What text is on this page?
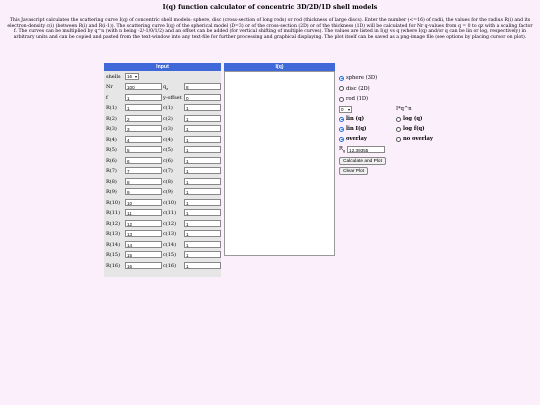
I(q) function calculator of concentric 3D/2D/1D shell models
This Javascript calculates the scattering curve I(q) of concentric shell models: sphere, disc (cross-section of long rods) or rod (thickness of large discs). Enter the number (<=16) of radii, the values for the radius R(i) and its electron-density c(i) (between R(i) and R(i-1)). The scattering curve I(q) of the spherical model (D=3) or of the cross-section (2D) or of the thickness (1D) will be calculated for Nr q-values from q = 0 to qz with a scaling factor f. The curves can be multiplied by q^n (with n being -2/-1/0/1/2) and an offset can be added (for vertical shifting of multiple curves). The values are listed in I(q) vs q (where I(q) and/or q can be lin or log, respectively) in arbitrary units and can be copied and pasted from the text-window into any text-file for further processing and graphical displaying. The plot itself can be saved as a png-image file (see options by placing cursor on plot).
Input	I(q)
shells	16 ▾
Nr	100	$q_z$	8
f	1	y-offset 0
R(1)	1	c(1)	1
R(2)	2	c(2)	1
R(3)	3	c(3)	1
R(4)	4	c(4)	1
R(5)	5	c(5)	1
R(6)	6	c(6)	1
R(7)	7	c(7)	1
R(8)	8	c(8)	1
R(9)	9	c(9)	1
R(10)	10	c(10)	1
R(11)	11	c(11)	1
R(12)	12	c(12)	1
R(13)	13	c(13)	1
R(14)	14	c(14)	1
R(15)	15	c(15)	1
R(16)	16	c(16)	1
sphere (3D)
disc (2D)
rod (1D)
0 ▾	I*q^n
lin (q)	log (q)
lin I(q)	log f(q)
overlay	no overlay
$R_g$ 12.39355
Calculate and Plot
Clear Plot
